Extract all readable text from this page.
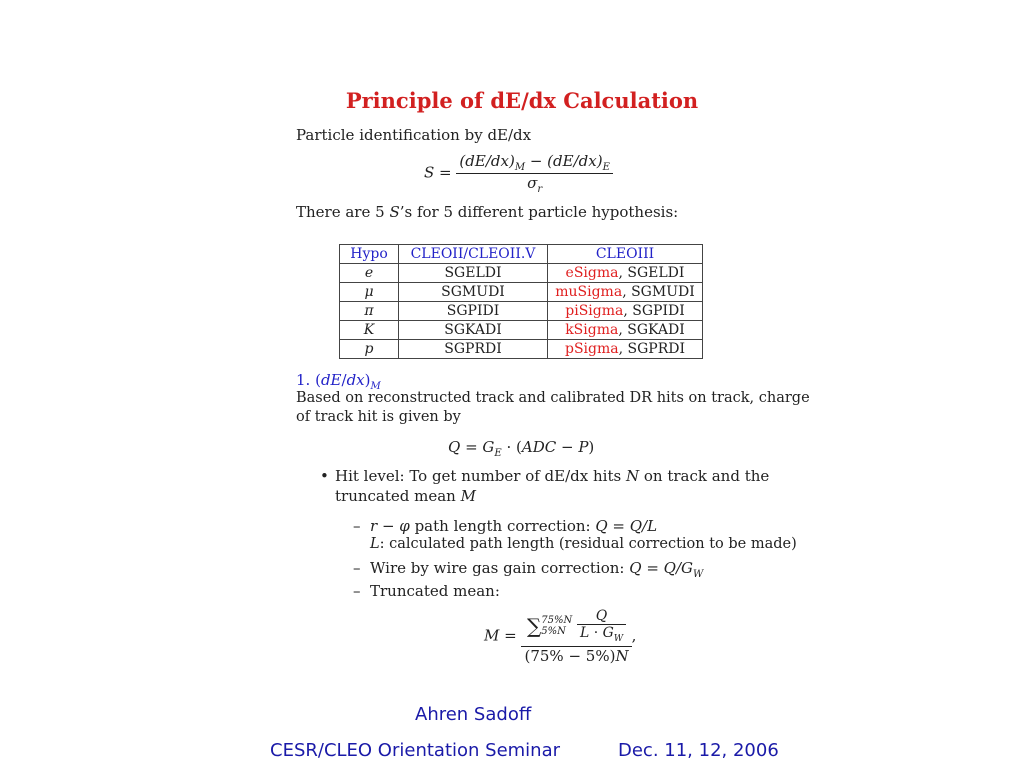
Principle of dE/dx Calculation
Particle identification by dE/dx
$S = \frac{(dE/dx)_M - (dE/dx)_E}{\sigma_r}$
There are 5 S’s for 5 different particle hypothesis:
Hypo	CLEOII/CLEOII.V	CLEOIII
e	SGELDI	eSigma, SGELDI
μ	SGMUDI	muSigma, SGMUDI
π	SGPIDI	piSigma, SGPIDI
K	SGKADI	kSigma, SGKADI
p	SGPRDI	pSigma, SGPRDI
1. $(dE/dx)_M$
Based on reconstructed track and calibrated DR hits on track, charge
of track hit is given by
$Q = G_E \cdot (ADC - P)$
• Hit level: To get number of dE/dx hits N on track and the
truncated mean M
– r − φ path length correction: Q = Q/L
L: calculated path length (residual correction to be made)
– Wire by wire gas gain correction: $Q = Q/G_W$
– Truncated mean:
M = ∑ 75%N
5%N
$\frac{Q}{L \cdot G_W}$
(75% − 5%)N ,
Ahren Sadoff
CESR/CLEO Orientation Seminar	Dec. 11, 12, 2006
